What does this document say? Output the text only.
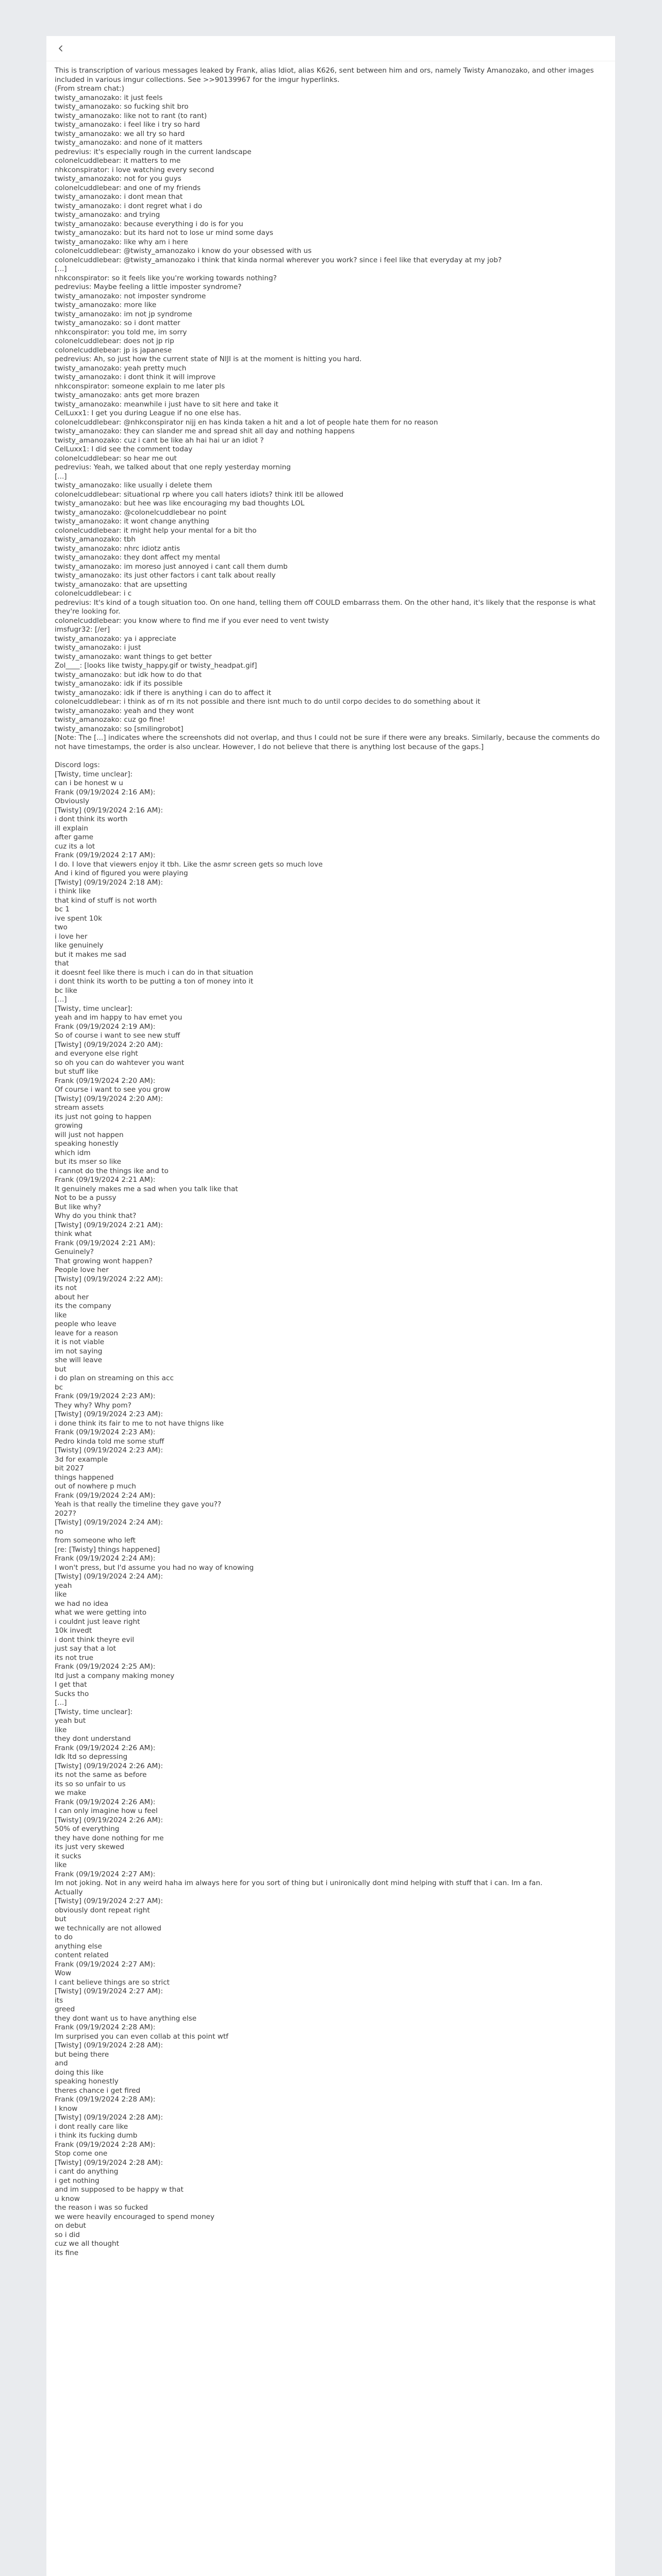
This is transcription of various messages leaked by Frank, alias Idiot, alias K626, sent between him and ors, namely Twisty Amanozako, and other images included in various imgur collections. See >>90139967 for the imgur hyperlinks.
(From stream chat:)
twisty_amanozako: it just feels
twisty_amanozako: so fucking shit bro
twisty_amanozako: like not to rant (to rant)
twisty_amanozako: i feel like i try so hard
twisty_amanozako: we all try so hard
twisty_amanozako: and none of it matters
pedrevius: it's especially rough in the current landscape
colonelcuddlebear: it matters to me
nhkconspirator: i love watching every second
twisty_amanozako: not for you guys
colonelcuddlebear: and one of my friends
twisty_amanozako: i dont mean that
twisty_amanozako: i dont regret what i do
twisty_amanozako: and trying
twisty_amanozako: because everything i do is for you
twisty_amanozako: but its hard not to lose ur mind some days
twisty_amanozako: like why am i here
colonelcuddlebear: @twisty_amanozako i know do your obsessed with us
colonelcuddlebear: @twisty_amanozako i think that kinda normal wherever you work? since i feel like that everyday at my job?
[...]
nhkconspirator: so it feels like you're working towards nothing?
pedrevius: Maybe feeling a little imposter syndrome?
twisty_amanozako: not imposter syndrome
twisty_amanozako: more like
twisty_amanozako: im not jp syndrome
twisty_amanozako: so i dont matter
nhkconspirator: you told me, im sorry
colonelcuddlebear: does not jp rip
colonelcuddlebear: jp is japanese
pedrevius: Ah, so just how the current state of NIJI is at the moment is hitting you hard.
twisty_amanozako: yeah pretty much
twisty_amanozako: i dont think it will improve
nhkconspirator: someone explain to me later pls
twisty_amanozako: ants get more brazen
twisty_amanozako: meanwhile i just have to sit here and take it
CelLuxx1: I get you during League if no one else has.
colonelcuddlebear: @nhkconspirator nijj en has kinda taken a hit and a lot of people hate them for no reason
twisty_amanozako: they can slander me and spread shit all day and nothing happens
twisty_amanozako: cuz i cant be like ah hai hai ur an idiot ?
CelLuxx1: I did see the comment today
colonelcuddlebear: so hear me out
pedrevius: Yeah, we talked about that one reply yesterday morning
[...]
twisty_amanozako: like usually i delete them
colonelcuddlebear: situational rp where you call haters idiots? think itll be allowed
twisty_amanozako: but hee was like encouraging my bad thoughts LOL
twisty_amanozako: @colonelcuddlebear no point
twisty_amanozako: it wont change anything
colonelcuddlebear: it might help your mental for a bit tho
twisty_amanozako: tbh
twisty_amanozako: nhrc idiotz antis
twisty_amanozako: they dont affect my mental
twisty_amanozako: im moreso just annoyed i cant call them dumb
twisty_amanozako: its just other factors i cant talk about really
twisty_amanozako: that are upsetting
colonelcuddlebear: i c
pedrevius: It's kind of a tough situation too. On one hand, telling them off COULD embarrass them. On the other hand, it's likely that the response is what they're looking for.
colonelcuddlebear: you know where to find me if you ever need to vent twisty
imsfugr32: [/er]
twisty_amanozako: ya i appreciate
twisty_amanozako: i just
twisty_amanozako: want things to get better
Zol____: [looks like twisty_happy.gif or twisty_headpat.gif]
twisty_amanozako: but idk how to do that
twisty_amanozako: idk if its possible
twisty_amanozako: idk if there is anything i can do to affect it
colonelcuddlebear: i think as of rn its not possible and there isnt much to do until corpo decides to do something about it
twisty_amanozako: yeah and they wont
twisty_amanozako: cuz go fine!
twisty_amanozako: so [smilingrobot]
[Note: The [...] indicates where the screenshots did not overlap, and thus I could not be sure if there were any breaks. Similarly, because the comments do not have timestamps, the order is also unclear. However, I do not believe that there is anything lost because of the gaps.]
Discord logs:
[Twisty, time unclear]:
can i be honest w u
Frank (09/19/2024 2:16 AM):
Obviously
[Twisty] (09/19/2024 2:16 AM):
i dont think its worth
ill explain
after game
cuz its a lot
Frank (09/19/2024 2:17 AM):
I do. I love that viewers enjoy it tbh. Like the asmr screen gets so much love
And i kind of figured you were playing
[Twisty] (09/19/2024 2:18 AM):
i think like
that kind of stuff is not worth
bc 1
ive spent 10k
two
i love her
like genuinely
but it makes me sad
that
it doesnt feel like there is much i can do in that situation
i dont think its worth to be putting a ton of money into it
bc like
[...]
[Twisty, time unclear]:
yeah and im happy to hav emet you
Frank (09/19/2024 2:19 AM):
So of course i want to see new stuff
[Twisty] (09/19/2024 2:20 AM):
and everyone else right
so oh you can do wahtever you want
but stuff like
Frank (09/19/2024 2:20 AM):
Of course i want to see you grow
[Twisty] (09/19/2024 2:20 AM):
stream assets
its just not going to happen
growing
will just not happen
speaking honestly
which idm
but its mser so like
i cannot do the things ike and to
Frank (09/19/2024 2:21 AM):
It genuinely makes me a sad when you talk like that
Not to be a pussy
But like why?
Why do you think that?
[Twisty] (09/19/2024 2:21 AM):
think what
Frank (09/19/2024 2:21 AM):
Genuinely?
That growing wont happen?
People love her
[Twisty] (09/19/2024 2:22 AM):
its not
about her
its the company
like
people who leave
leave for a reason
it is not viable
im not saying
she will leave
but
i do plan on streaming on this acc
bc
Frank (09/19/2024 2:23 AM):
They why? Why pom?
[Twisty] (09/19/2024 2:23 AM):
i done think its fair to me to not have thigns like
Frank (09/19/2024 2:23 AM):
Pedro kinda told me some stuff
[Twisty] (09/19/2024 2:23 AM):
3d for example
bit 2027
things happened
out of nowhere p much
Frank (09/19/2024 2:24 AM):
Yeah is that really the timeline they gave you??
2027?
[Twisty] (09/19/2024 2:24 AM):
no
from someone who left
[re: [Twisty] things happened]
Frank (09/19/2024 2:24 AM):
I won't press, but I'd assume you had no way of knowing
[Twisty] (09/19/2024 2:24 AM):
yeah
like
we had no idea
what we were getting into
i couldnt just leave right
10k invedt
i dont think theyre evil
just say that a lot
its not true
Frank (09/19/2024 2:25 AM):
ltd just a company making money
I get that
Sucks tho
[...]
[Twisty, time unclear]:
yeah but
like
they dont understand
Frank (09/19/2024 2:26 AM):
Idk ltd so depressing
[Twisty] (09/19/2024 2:26 AM):
its not the same as before
its so so unfair to us
we make
Frank (09/19/2024 2:26 AM):
I can only imagine how u feel
[Twisty] (09/19/2024 2:26 AM):
50% of everything
they have done nothing for me
its just very skewed
it sucks
like
Frank (09/19/2024 2:27 AM):
Im not joking. Not in any weird haha im always here for you sort of thing but i unironically dont mind helping with stuff that i can. Im a fan.
Actually
[Twisty] (09/19/2024 2:27 AM):
obviously dont repeat right
but
we technically are not allowed
to do
anything else
content related
Frank (09/19/2024 2:27 AM):
Wow
I cant believe things are so strict
[Twisty] (09/19/2024 2:27 AM):
its
greed
they dont want us to have anything else
Frank (09/19/2024 2:28 AM):
Im surprised you can even collab at this point wtf
[Twisty] (09/19/2024 2:28 AM):
but being there
and
doing this like
speaking honestly
theres chance i get fired
Frank (09/19/2024 2:28 AM):
I know
[Twisty] (09/19/2024 2:28 AM):
i dont really care like
i think its fucking dumb
Frank (09/19/2024 2:28 AM):
Stop come one
[Twisty] (09/19/2024 2:28 AM):
i cant do anything
i get nothing
and im supposed to be happy w that
u know
the reason i was so fucked
we were heavily encouraged to spend money
on debut
so i did
cuz we all thought
its fine
